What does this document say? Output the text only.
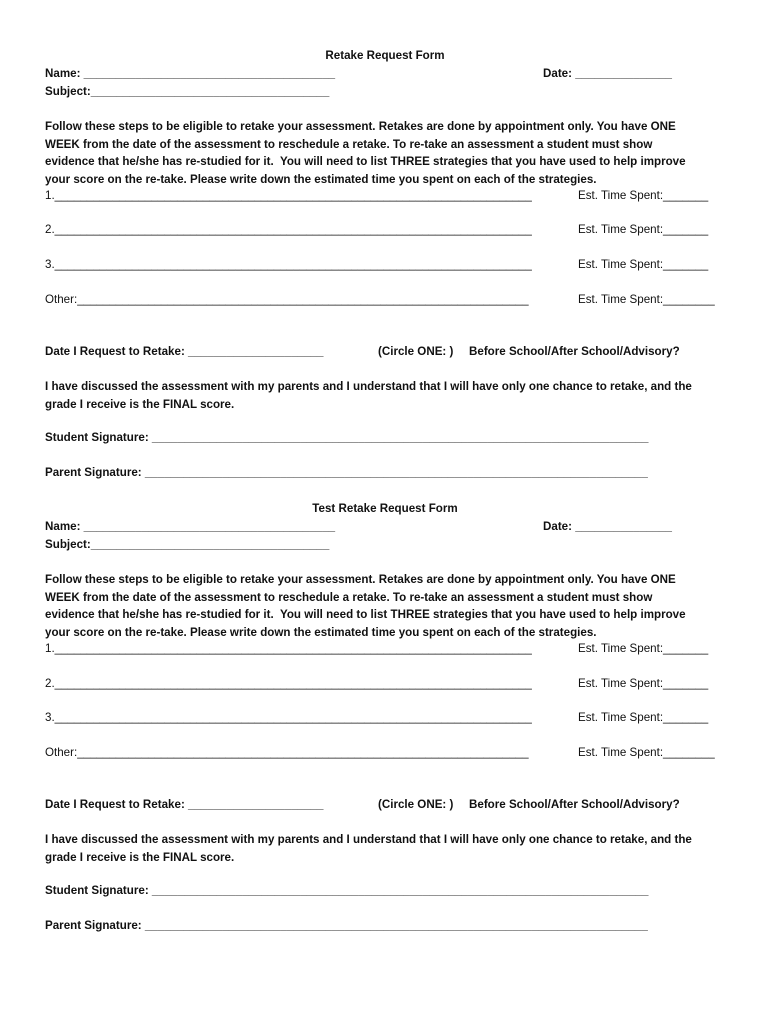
Retake Request Form
Name: _______________________________________	Date: _______________
Subject:_____________________________________
Follow these steps to be eligible to retake your assessment. Retakes are done by appointment only. You have ONE
WEEK from the date of the assessment to reschedule a retake. To re-take an assessment a student must show
evidence that he/she has re-studied for it.  You will need to list THREE strategies that you have used to help improve
your score on the re-take. Please write down the estimated time you spent on each of the strategies.
1.__________________________________________________________________________	Est. Time Spent:_______
2.__________________________________________________________________________	Est. Time Spent:_______
3.__________________________________________________________________________	Est. Time Spent:_______
Other:______________________________________________________________________	Est. Time Spent:________
Date I Request to Retake: _____________________	(Circle ONE: ) Before School/After School/Advisory?
I have discussed the assessment with my parents and I understand that I will have only one chance to retake, and the
grade I receive is the FINAL score.
Student Signature: _____________________________________________________________________________
Parent Signature: ______________________________________________________________________________
Test Retake Request Form
Name: _______________________________________	Date: _______________
Subject:_____________________________________
Follow these steps to be eligible to retake your assessment. Retakes are done by appointment only. You have ONE
WEEK from the date of the assessment to reschedule a retake. To re-take an assessment a student must show
evidence that he/she has re-studied for it.  You will need to list THREE strategies that you have used to help improve
your score on the re-take. Please write down the estimated time you spent on each of the strategies.
1.__________________________________________________________________________	Est. Time Spent:_______
2.__________________________________________________________________________	Est. Time Spent:_______
3.__________________________________________________________________________	Est. Time Spent:_______
Other:______________________________________________________________________	Est. Time Spent:________
Date I Request to Retake: _____________________	(Circle ONE: ) Before School/After School/Advisory?
I have discussed the assessment with my parents and I understand that I will have only one chance to retake, and the
grade I receive is the FINAL score.
Student Signature: _____________________________________________________________________________
Parent Signature: ______________________________________________________________________________
